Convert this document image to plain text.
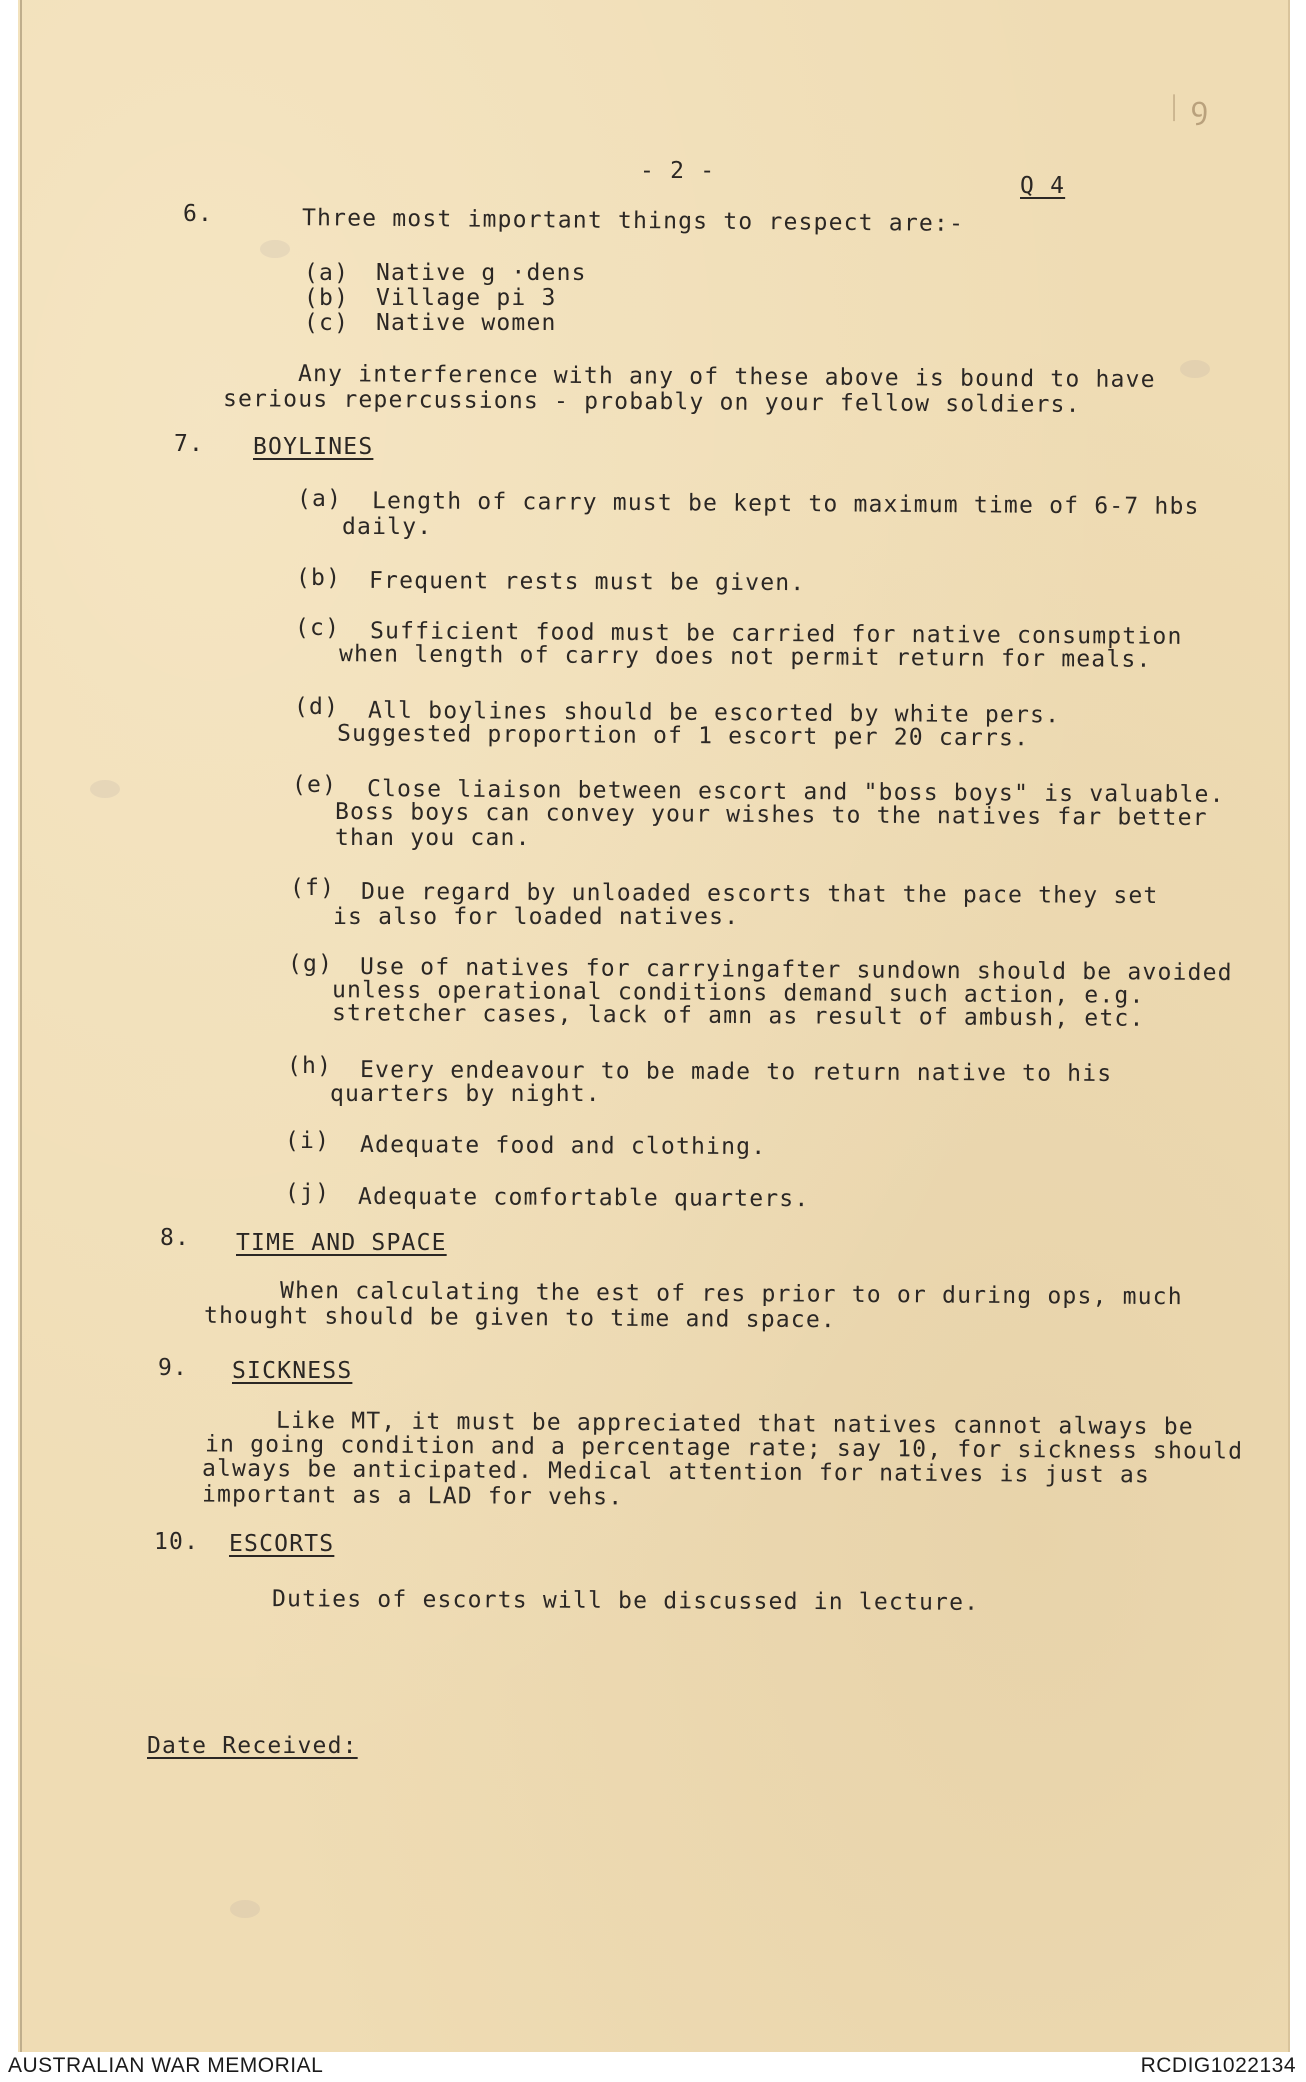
ᛁ ꝯ
- 2 -
Q 4
6.	Three most important things to respect are:-
(a) Native g ·dens
(b) Village pi 3
(c) Native women
Any interference with any of these above is bound to have
serious repercussions - probably on your fellow soldiers.
7. BOYLINES
(a) Length of carry must be kept to maximum time of 6-7 hbs
daily.
(b) Frequent rests must be given.
(c) Sufficient food must be carried for native consumption
when length of carry does not permit return for meals.
(d) All boylines should be escorted by white pers.
Suggested proportion of 1 escort per 20 carrs.
(e) Close liaison between escort and "boss boys" is valuable.
Boss boys can convey your wishes to the natives far better
than you can.
(f) Due regard by unloaded escorts that the pace they set
is also for loaded natives.
(g) Use of natives for carryingafter sundown should be avoided
unless operational conditions demand such action, e.g.
stretcher cases, lack of amn as result of ambush, etc.
(h) Every endeavour to be made to return native to his
quarters by night.
(i) Adequate food and clothing.
(j) Adequate comfortable quarters.
8. TIME AND SPACE
When calculating the est of res prior to or during ops, much
thought should be given to time and space.
9. SICKNESS
Like MT, it must be appreciated that natives cannot always be
in going condition and a percentage rate; say 10, for sickness should
always be anticipated. Medical attention for natives is just as
important as a LAD for vehs.
10. ESCORTS
Duties of escorts will be discussed in lecture.
Date Received:
AUSTRALIAN WAR MEMORIAL	RCDIG1022134
